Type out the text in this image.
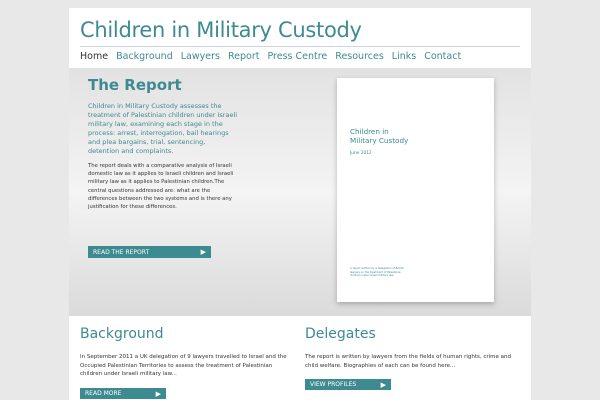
Children in Military Custody
Home Background Lawyers Report Press Centre Resources Links Contact
The Report
Children in Military Custody assesses the treatment of Palestinian children under Israeli military law, examining each stage in the process: arrest, interrogation, bail hearings and plea bargains, trial, sentencing, detention and complaints.
The report deals with a comparative analysis of Israeli domestic law as it applies to Israeli children and Israeli military law as it applies to Palestinian children.The central questions addressed are: what are the differences between the two systems and is there any justification for these differences.
READ THE REPORT	▶
Children in
Military Custody
June 2012
A report written by a delegation of British lawyers on the treatment of Palestinian children under Israeli military law
Background
In September 2011 a UK delegation of 9 lawyers travelled to Israel and the Occupied Palestinian Territories to assess the treatment of Palestinian children under Israeli military law...
READ MORE	▶
Delegates
The report is written by lawyers from the fields of human rights, crime and child welfare. Biographies of each can be found here...
VIEW PROFILES	▶
